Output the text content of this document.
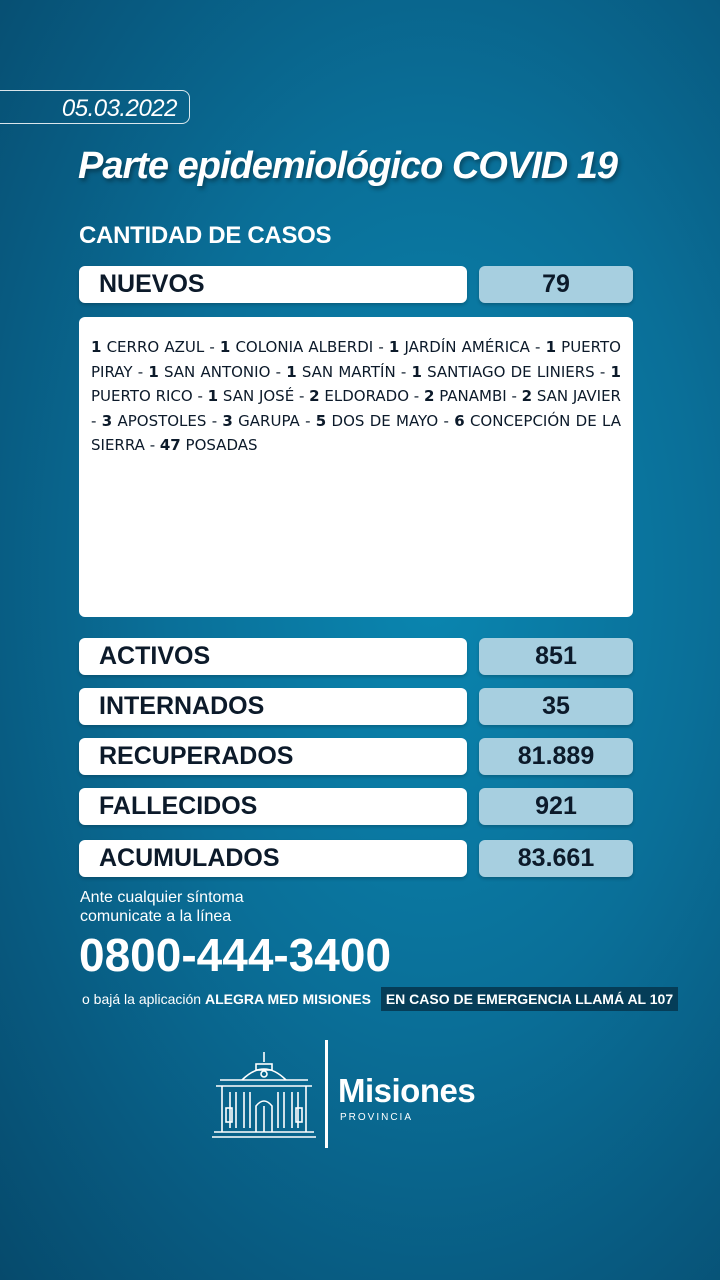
05.03.2022
Parte epidemiológico COVID 19
CANTIDAD DE CASOS
NUEVOS	79

1 CERRO AZUL - 1 COLONIA ALBERDI - 1 JARDÍN AMÉRICA - 1 PUERTO PIRAY - 1 SAN ANTONIO - 1 SAN MARTÍN - 1 SANTIAGO DE LINIERS - 1 PUERTO RICO - 1 SAN JOSÉ - 2 ELDORADO - 2 PANAMBI - 2 SAN JAVIER - 3 APOSTOLES - 3 GARUPA - 5 DOS DE MAYO - 6 CONCEPCIÓN DE LA SIERRA - 47 POSADAS

ACTIVOS	851
INTERNADOS	35
RECUPERADOS	81.889
FALLECIDOS	921
ACUMULADOS	83.661
Ante cualquier síntoma
comunicate a la línea
0800-444-3400
o bajá la aplicación ALEGRA MED MISIONES EN CASO DE EMERGENCIA LLAMÁ AL 107
Misiones
PROVINCIA
